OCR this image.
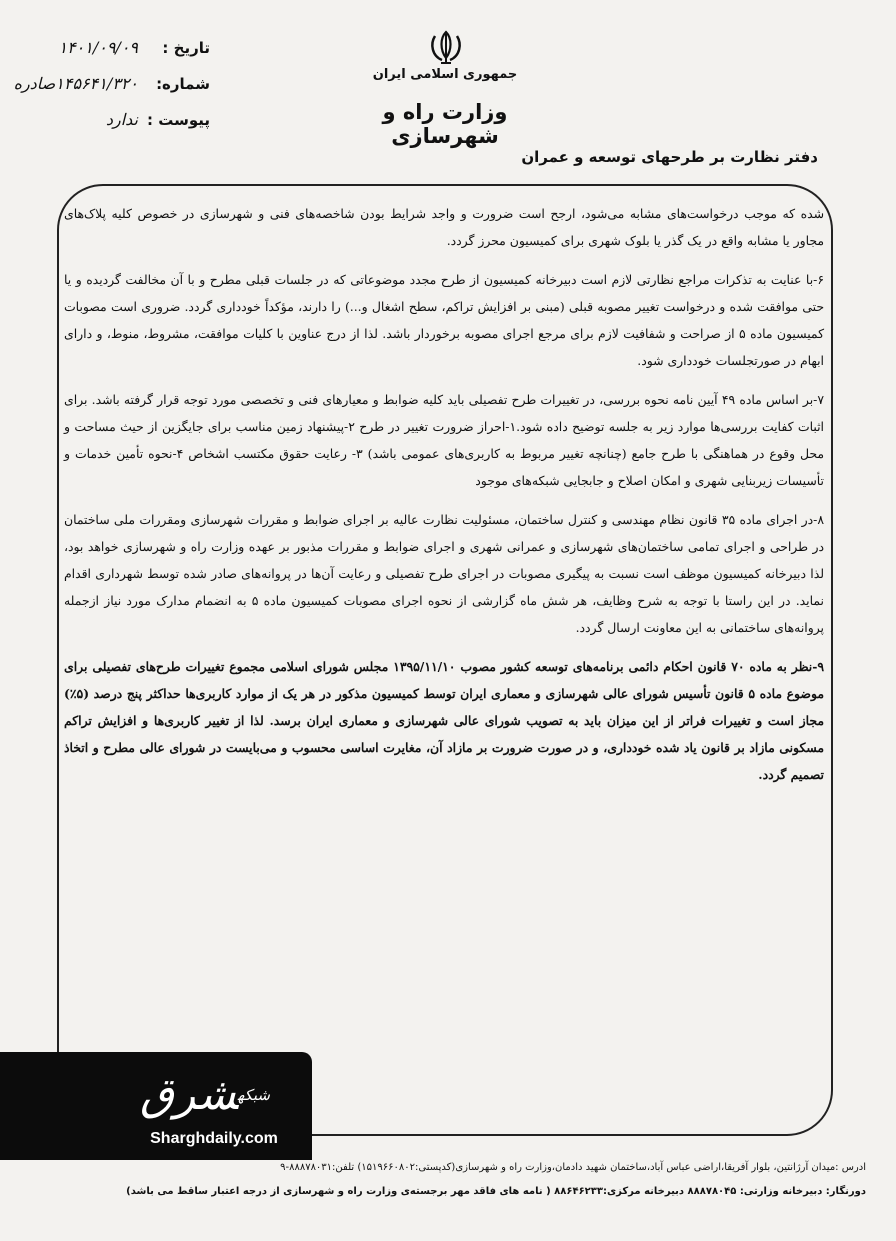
جمهوری اسلامی ایران
وزارت راه و شهرسازی
تاریخ :۱۴۰۱/۰۹/۰۹
شماره:۱۴۵۶۴۱/۳۲۰صادره
پیوست :ندارد
دفتر نظارت بر طرحهای توسعه و عمران

شده که موجب درخواست‌های مشابه می‌شود، ارجح است ضرورت و واجد شرایط بودن شاخصه‌های فنی و شهرسازی در خصوص کلیه پلاک‌های مجاور یا مشابه واقع در یک گذر یا بلوک شهری برای کمیسیون محرز گردد.

۶-با عنایت به تذکرات مراجع نظارتی لازم است دبیرخانه کمیسیون از طرح مجدد موضوعاتی که در جلسات قبلی مطرح و با آن مخالفت گردیده و یا حتی موافقت شده و درخواست تغییر مصوبه قبلی (مبنی بر افزایش تراکم، سطح اشغال و...) را دارند، مؤکداً خودداری گردد. ضروری است مصوبات کمیسیون ماده ۵ از صراحت و شفافیت لازم برای مرجع اجرای مصوبه برخوردار باشد. لذا از درج عناوین با کلیات موافقت، مشروط، منوط، و دارای ابهام در صورتجلسات خودداری شود.

۷-بر اساس ماده ۴۹ آیین نامه نحوه بررسی، در تغییرات طرح تفصیلی باید کلیه ضوابط و معیارهای فنی و تخصصی مورد توجه قرار گرفته باشد. برای اثبات کفایت بررسی‌ها موارد زیر به جلسه توضیح داده شود.۱-احراز ضرورت تغییر در طرح ۲-پیشنهاد زمین مناسب برای جایگزین از حیث مساحت و محل وقوع در هماهنگی با طرح جامع (چنانچه تغییر مربوط به کاربری‌های عمومی باشد) ۳- رعایت حقوق مکتسب اشخاص ۴-نحوه تأمین خدمات و تأسیسات زیربنایی شهری و امکان اصلاح و جابجایی شبکه‌های موجود

۸-در اجرای ماده ۳۵ قانون نظام مهندسی و کنترل ساختمان، مسئولیت نظارت عالیه بر اجرای ضوابط و مقررات شهرسازی ومقررات ملی ساختمان در طراحی و اجرای تمامی ساختمان‌های شهرسازی و عمرانی شهری و اجرای ضوابط و مقررات مذبور بر عهده وزارت راه و شهرسازی خواهد بود، لذا دبیرخانه کمیسیون موظف است نسبت به پیگیری مصوبات در اجرای طرح تفصیلی و رعایت آن‌ها در پروانه‌های صادر شده توسط شهرداری اقدام نماید. در این راستا با توجه به شرح وظایف، هر شش ماه گزارشی از نحوه اجرای مصوبات کمیسیون ماده ۵ به انضمام مدارک مورد نیاز ازجمله پروانه‌های ساختمانی به این معاونت ارسال گردد.

۹-نظر به ماده ۷۰ قانون احکام دائمی برنامه‌های توسعه کشور مصوب ۱۳۹۵/۱۱/۱۰ مجلس شورای اسلامی مجموع تغییرات طرح‌های تفصیلی برای موضوع ماده ۵ قانون تأسیس شورای عالی شهرسازی و معماری ایران توسط کمیسیون مذکور در هر یک از موارد کاربری‌ها حداکثر پنج درصد (۵٪) مجاز است و تغییرات فراتر از این میزان باید به تصویب شورای عالی شهرسازی و معماری ایران برسد. لذا از تغییر کاربری‌ها و افزایش تراکم مسکونی مازاد بر قانون یاد شده خودداری، و در صورت ضرورت بر مازاد آن، مغایرت اساسی محسوب و می‌بایست در شورای عالی مطرح و اتخاذ تصمیم گردد.

ادرس :میدان آرژانتین، بلوار آفریقا،اراضی عباس آباد،ساختمان شهید دادمان،وزارت راه و شهرسازی(کدپستی:۱۵۱۹۶۶۰۸۰۲) تلفن:۸۸۸۷۸۰۳۱-۹
دورنگار: دبیرخانه وزارتی: ۸۸۸۷۸۰۴۵ دبیرخانه مرکزی:۸۸۶۴۶۲۳۳ ( نامه های فاقد مهر برجسته‌ی وزارت راه و شهرسازی از درجه اعتبار ساقط می باشد)
$^{شبکه}$شرق
Sharghdaily.com
